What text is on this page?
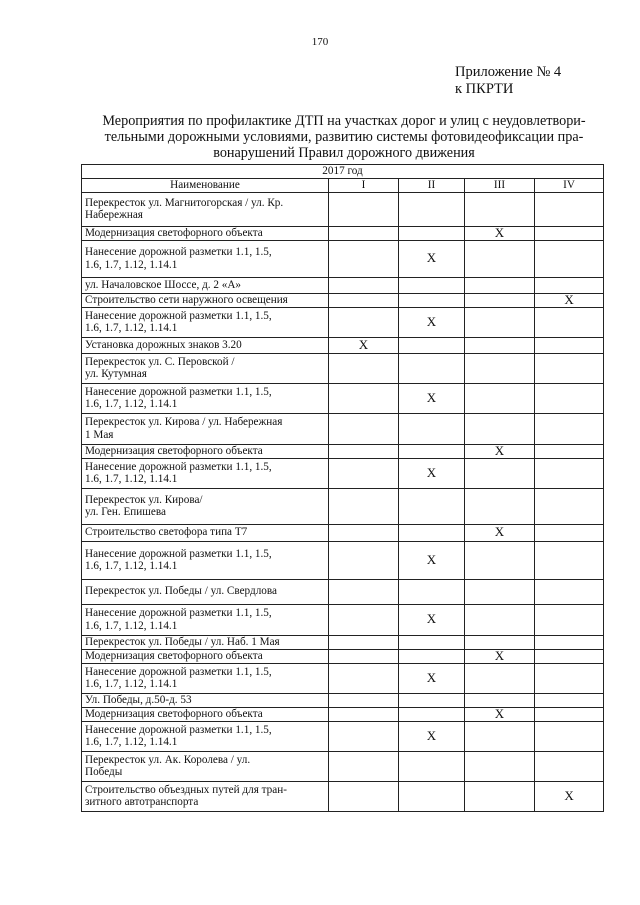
170
Приложение № 4
к ПКРТИ
Мероприятия по профилактике ДТП на участках дорог и улиц с неудовлетвори-
тельными дорожными условиями, развитию системы фотовидеофиксации пра-
вонарушений Правил дорожного движения
2017 год				
Наименование	I	II	III	IV

Перекресток ул. Магнитогорская / ул. Кр.
Набережная				

Модернизация светофорного объекта			X	

Нанесение дорожной разметки 1.1, 1.5,
1.6, 1.7, 1.12, 1.14.1		X		

ул. Началовское Шоссе, д. 2 «А»				

Строительство сети наружного освещения				X

Нанесение дорожной разметки 1.1, 1.5,
1.6, 1.7, 1.12, 1.14.1		X		

Установка дорожных знаков 3.20	X			

Перекресток ул. С. Перовской /
ул. Кутумная				

Нанесение дорожной разметки 1.1, 1.5,
1.6, 1.7, 1.12, 1.14.1		X		

Перекресток ул. Кирова / ул. Набережная
1 Мая				

Модернизация светофорного объекта			X	

Нанесение дорожной разметки 1.1, 1.5,
1.6, 1.7, 1.12, 1.14.1		X		

Перекресток ул. Кирова/
ул. Ген. Епишева				

Строительство светофора типа Т7			X	

Нанесение дорожной разметки 1.1, 1.5,
1.6, 1.7, 1.12, 1.14.1		X		

Перекресток ул. Победы / ул. Свердлова				

Нанесение дорожной разметки 1.1, 1.5,
1.6, 1.7, 1.12, 1.14.1		X		

Перекресток ул. Победы / ул. Наб. 1 Мая				

Модернизация светофорного объекта			X	

Нанесение дорожной разметки 1.1, 1.5,
1.6, 1.7, 1.12, 1.14.1		X		

Ул. Победы, д.50-д. 53				

Модернизация светофорного объекта			X	

Нанесение дорожной разметки 1.1, 1.5,
1.6, 1.7, 1.12, 1.14.1		X		

Перекресток ул. Ак. Королева / ул.
Победы				

Строительство объездных путей для тран-
зитного автотранспорта				X
